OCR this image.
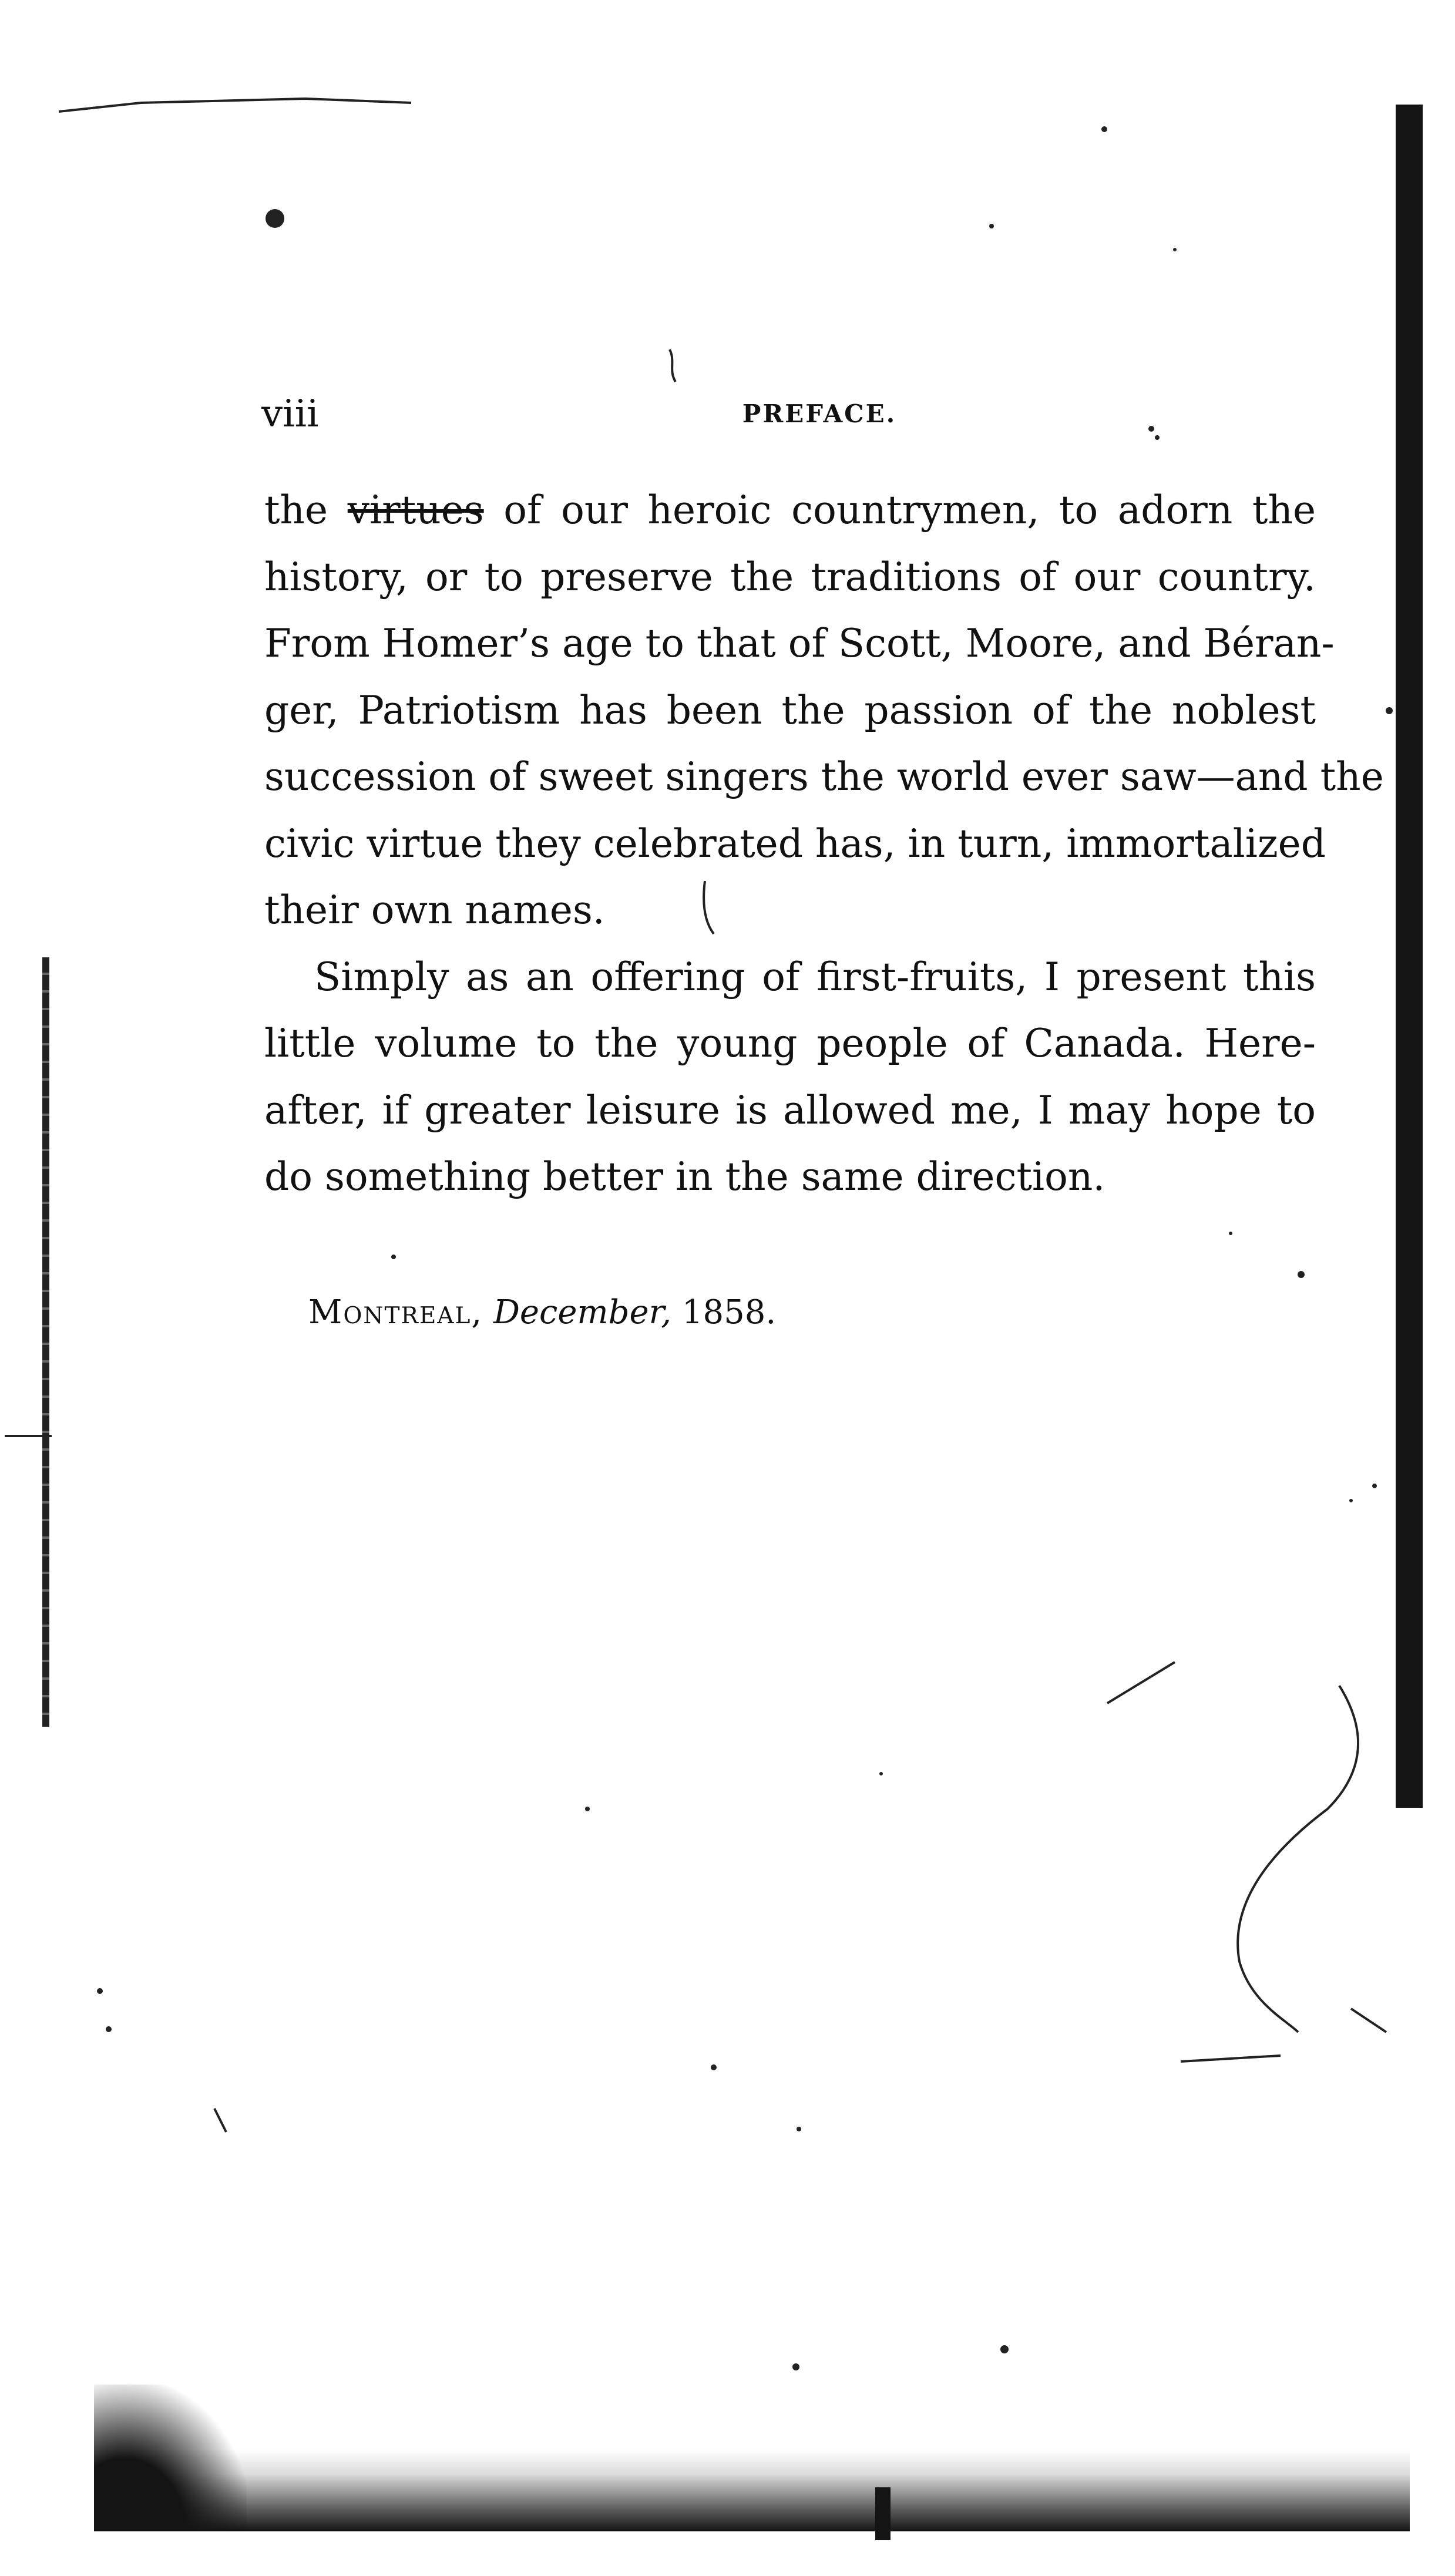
viii	PREFACE.
the virtues of our heroic countrymen, to adorn the
history, or to preserve the traditions of our country.
From Homer’s age to that of Scott, Moore, and Béran-
ger, Patriotism has been the passion of the noblest
succession of sweet singers the world ever saw—and the
civic virtue they celebrated has, in turn, immortalized
their own names.
Simply as an offering of first-fruits, I present this
little volume to the young people of Canada. Here-
after, if greater leisure is allowed me, I may hope to
do something better in the same direction.
Montreal, December, 1858.
